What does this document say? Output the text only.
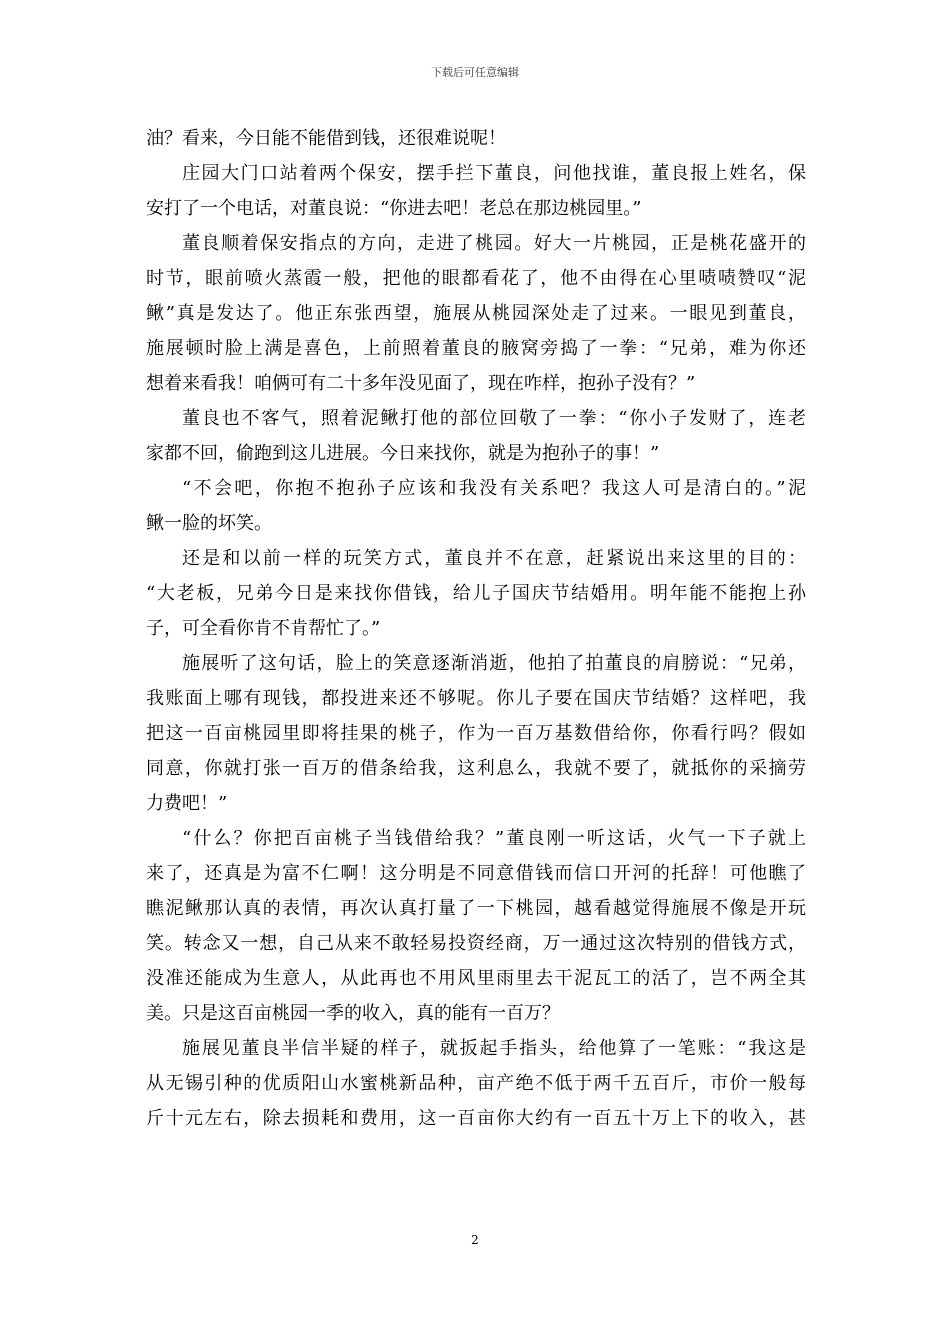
下载后可任意编辑
油？看来，今日能不能借到钱，还很难说呢！
庄园大门口站着两个保安，摆手拦下董良，问他找谁，董良报上姓名，保
安打了一个电话，对董良说：“你进去吧！老总在那边桃园里。”
董良顺着保安指点的方向，走进了桃园。好大一片桃园，正是桃花盛开的
时节，眼前喷火蒸霞一般，把他的眼都看花了，他不由得在心里啧啧赞叹“泥
鳅”真是发达了。他正东张西望，施展从桃园深处走了过来。一眼见到董良，
施展顿时脸上满是喜色，上前照着董良的腋窝旁捣了一拳：“兄弟，难为你还
想着来看我！咱俩可有二十多年没见面了，现在咋样，抱孙子没有？”
董良也不客气，照着泥鳅打他的部位回敬了一拳：“你小子发财了，连老
家都不回，偷跑到这儿进展。今日来找你，就是为抱孙子的事！”
“不会吧，你抱不抱孙子应该和我没有关系吧？我这人可是清白的。”泥
鳅一脸的坏笑。
还是和以前一样的玩笑方式，董良并不在意，赶紧说出来这里的目的：
“大老板，兄弟今日是来找你借钱，给儿子国庆节结婚用。明年能不能抱上孙
子，可全看你肯不肯帮忙了。”
施展听了这句话，脸上的笑意逐渐消逝，他拍了拍董良的肩膀说：“兄弟，
我账面上哪有现钱，都投进来还不够呢。你儿子要在国庆节结婚？这样吧，我
把这一百亩桃园里即将挂果的桃子，作为一百万基数借给你，你看行吗？假如
同意，你就打张一百万的借条给我，这利息么，我就不要了，就抵你的采摘劳
力费吧！”
“什么？你把百亩桃子当钱借给我？”董良刚一听这话，火气一下子就上
来了，还真是为富不仁啊！这分明是不同意借钱而信口开河的托辞！可他瞧了
瞧泥鳅那认真的表情，再次认真打量了一下桃园，越看越觉得施展不像是开玩
笑。转念又一想，自己从来不敢轻易投资经商，万一通过这次特别的借钱方式，
没准还能成为生意人，从此再也不用风里雨里去干泥瓦工的活了，岂不两全其
美。只是这百亩桃园一季的收入，真的能有一百万？
施展见董良半信半疑的样子，就扳起手指头，给他算了一笔账：“我这是
从无锡引种的优质阳山水蜜桃新品种，亩产绝不低于两千五百斤，市价一般每
斤十元左右，除去损耗和费用，这一百亩你大约有一百五十万上下的收入，甚
2
